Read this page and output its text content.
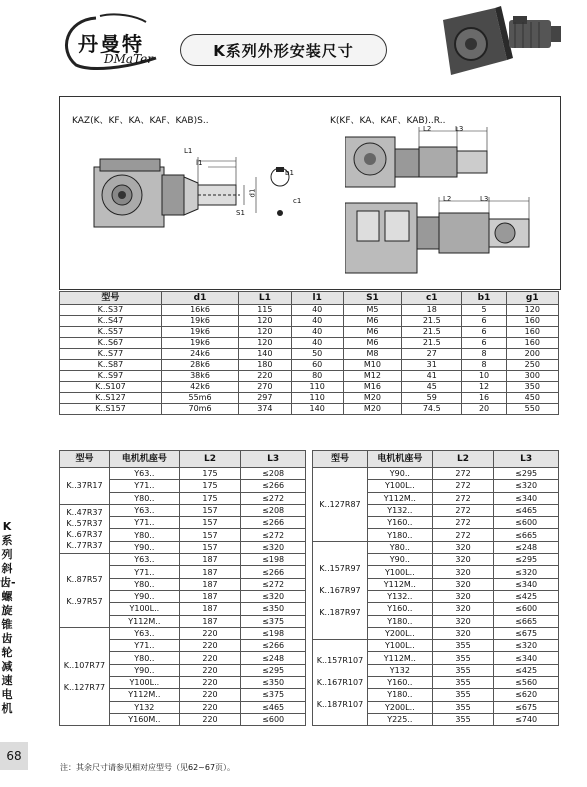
丹曼特
DMaTer	K系列外形安装尺寸
KAZ(K、KF、KA、KAF、KAB)S..	K(KF、KA、KAF、KAB)..R..
L1
l1
d1
S1
b1
c1
L2	L3
L2	L3
型号	d1	L1	l1	S1	c1	b1	g1
K..S37	16k6	115	40	M5	18	5	120
K..S47	19k6	120	40	M6	21.5	6	160
K..S57	19k6	120	40	M6	21.5	6	160
K..S67	19k6	120	40	M6	21.5	6	160
K..S77	24k6	140	50	M8	27	8	200
K..S87	28k6	180	60	M10	31	8	250
K..S97	38k6	220	80	M12	41	10	300
K..S107	42k6	270	110	M16	45	12	350
K..S127	55m6	297	110	M20	59	16	450
K..S157	70m6	374	140	M20	74.5	20	550
型号	电机机座号	L2	L3
K..37R17	Y63..	175	≤208
	Y71..	175	≤266
	Y80..	175	≤272
K..47R37
K..57R37
K..67R37
K..77R37	Y63..	157	≤208
	Y71..	157	≤266
	Y80..	157	≤272
	Y90..	157	≤320
K..87R57

K..97R57	Y63..	187	≤198
	Y71..	187	≤266
	Y80..	187	≤272
	Y90..	187	≤320
	Y100L..	187	≤350
	Y112M..	187	≤375
K..107R77

K..127R77	Y63..	220	≤198
	Y71..	220	≤266
	Y80..	220	≤248
	Y90..	220	≤295
	Y100L..	220	≤350
	Y112M..	220	≤375
	Y132	220	≤465
	Y160M..	220	≤600
型号	电机机座号	L2	L3
K..127R87	Y90..	272	≤295
	Y100L..	272	≤320
	Y112M..	272	≤340
	Y132..	272	≤465
	Y160..	272	≤600
	Y180..	272	≤665
K..157R97

K..167R97

K..187R97	Y80..	320	≤248
	Y90..	320	≤295
	Y100L..	320	≤320
	Y112M..	320	≤340
	Y132..	320	≤425
	Y160..	320	≤600
	Y180..	320	≤665
	Y200L..	320	≤675
K..157R107

K..167R107

K..187R107	Y100L..	355	≤320
	Y112M..	355	≤340
	Y132	355	≤425
	Y160..	355	≤560
	Y180..	355	≤620
	Y200L..	355	≤675
	Y225..	355	≤740
注：其余尺寸请参见相对应型号（见62~67页）。
K系列斜齿-螺旋锥齿轮减速电机
68
